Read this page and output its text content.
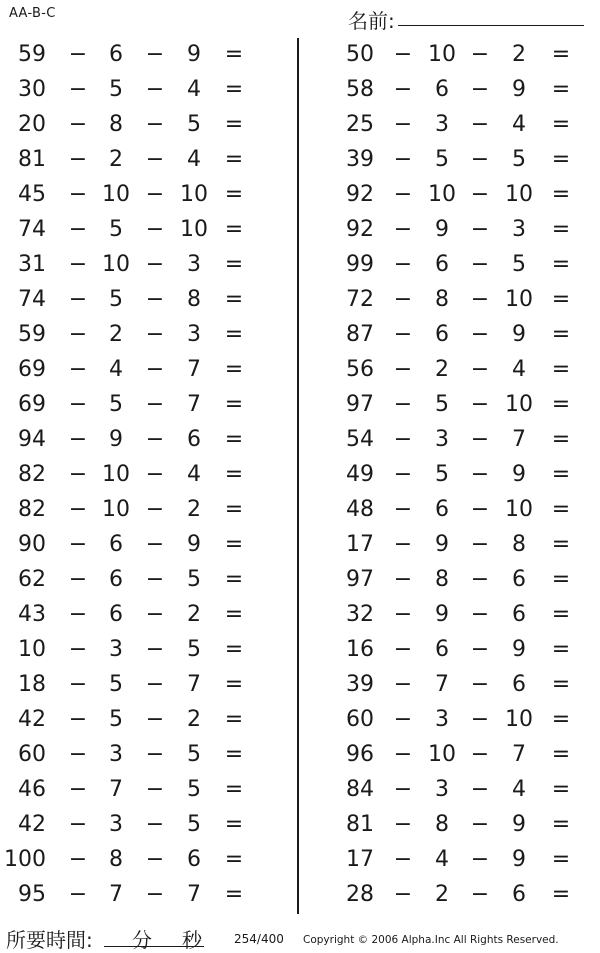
AA-B-C	名前:
59 − 6	−	9	=
30 − 5	−	4	=
20 − 8	−	5	=
81 − 2	−	4	=
45 − 10 − 10 =
74 − 5	− 10 =
31 − 10 −	3	=
74 − 5	−	8	=
59 − 2	−	3	=
69 − 4	−	7	=
69 − 5	−	7	=
94 − 9	−	6	=
82 − 10 −	4	=
82 − 10 −	2	=
90 − 6	−	9	=
62 − 6	−	5	=
43 − 6	−	2	=
10 − 3	−	5	=
18 − 5	−	7	=
42 − 5	−	2	=
60 − 3	−	5	=
46 − 7	−	5	=
42 − 3	−	5	=
100 − 8	−	6	=
95 − 7	−	7	=
50 − 10 −	2	=
58 −	6 −	9	=
25 −	3 −	4	=
39 −	5 −	5	=
92 − 10 − 10 =
92 −	9 −	3	=
99 −	6 −	5	=
72 −	8 − 10 =
87 −	6 −	9	=
56 −	2 −	4	=
97 −	5 − 10 =
54 −	3 −	7	=
49 −	5 −	9	=
48 −	6 − 10 =
17 −	9 −	8	=
97 −	8 −	6	=
32 −	9 −	6	=
16 −	6 −	9	=
39 −	7 −	6	=
60 −	3 − 10 =
96 − 10 −	7	=
84 −	3 −	4	=
81 −	8 −	9	=
17 −	4 −	9	=
28 −	2 −	6	=
所要時間: 分 秒	254/400 Copyright © 2006 Alpha.Inc All Rights Reserved.
